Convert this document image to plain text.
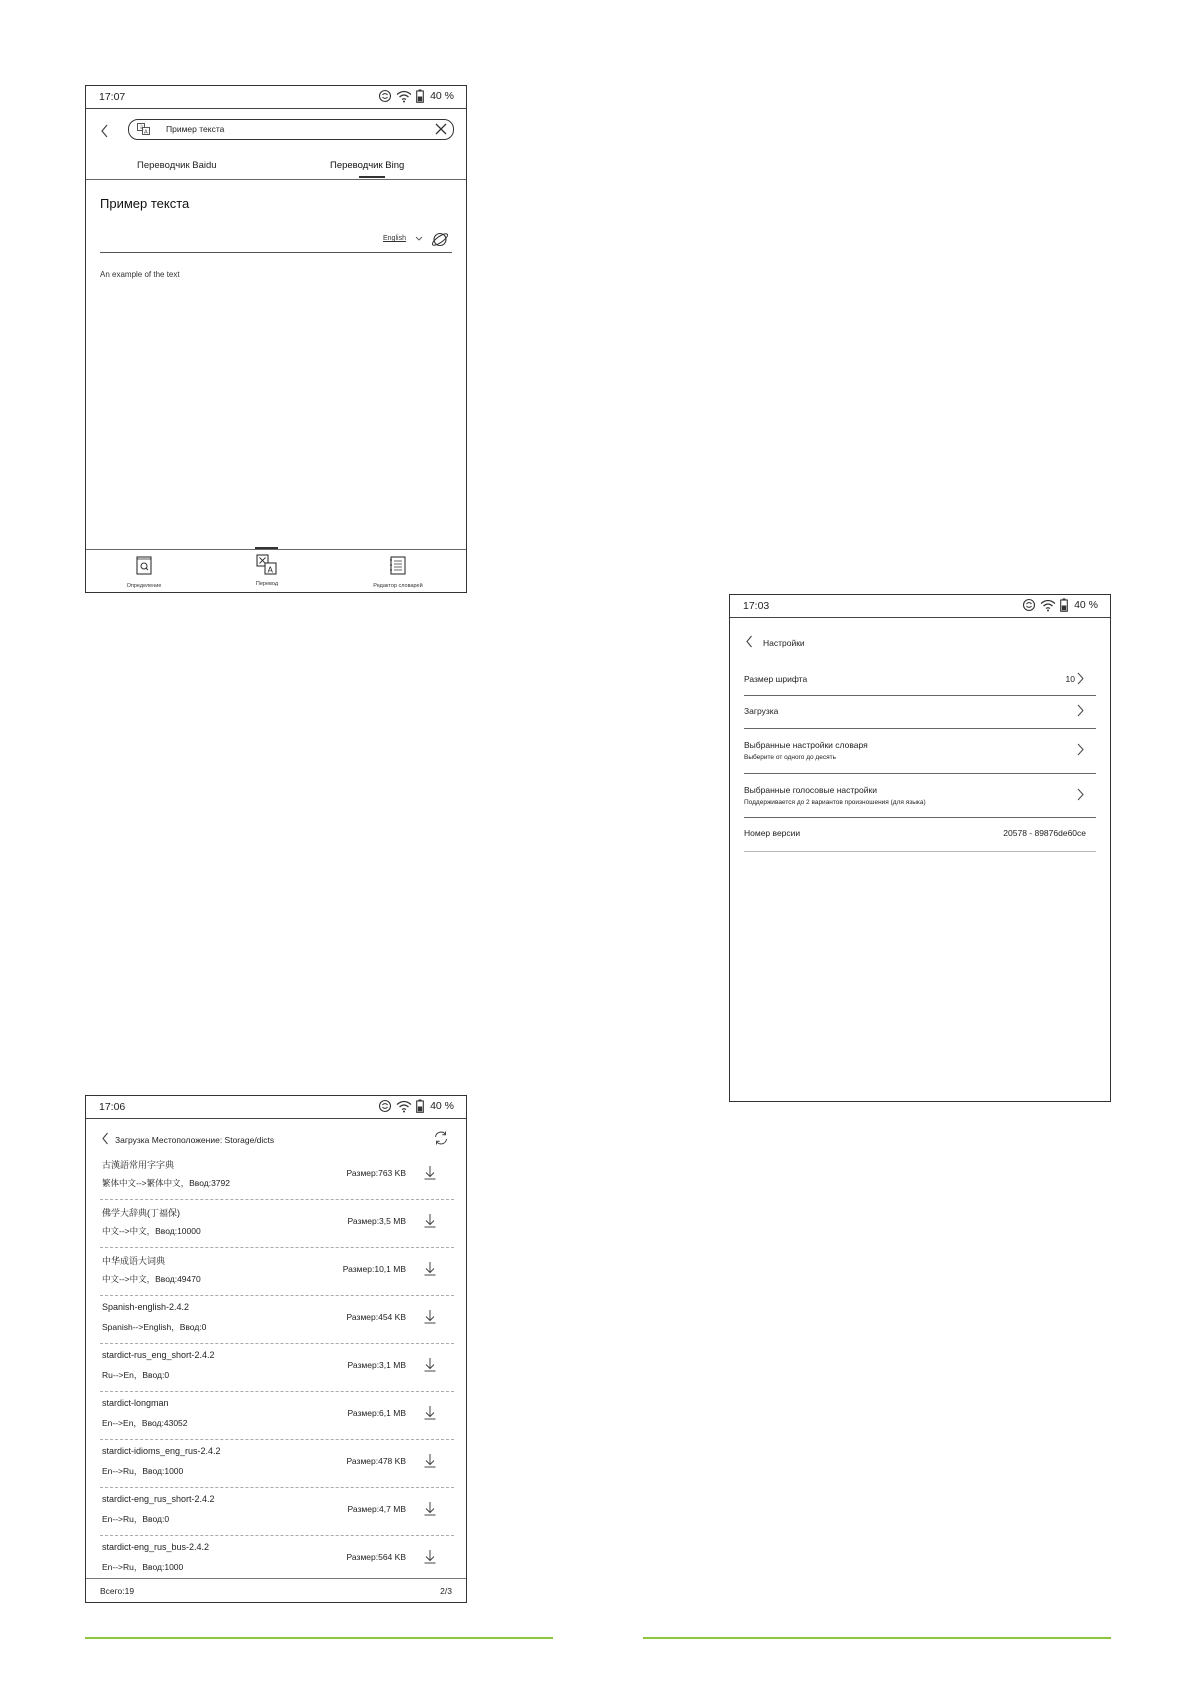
17:07	40 %
文
A Пример текста
Переводчик Baidu	Переводчик Bing
Пример текста
English
An example of the text
Определение
A
Перевод	Редактор словарей
17:03	40 %
Настройки
Размер шрифта	10
Загрузка
Выбранные настройки словаря
Выберите от одного до десять
Выбранные голосовые настройки
Поддерживается до 2 вариантов произношения (для языка)
Номер версии	20578 - 89876de60ce
17:06	40 %
Загрузка Местоположение: Storage/dicts
古漢語常用字字典
繁体中文-->繁体中文，Ввод:3792
Размер:763 KB
佛学大辞典(丁福保)
中文-->中文，Ввод:10000
Размер:3,5 MB
中华成语大词典
中文-->中文，Ввод:49470
Размер:10,1 MB
Spanish-english-2.4.2
Spanish-->English，Ввод:0
Размер:454 KB
stardict-rus_eng_short-2.4.2
Ru-->En，Ввод:0
Размер:3,1 MB
stardict-longman
En-->En，Ввод:43052
Размер:6,1 MB
stardict-idioms_eng_rus-2.4.2
En-->Ru，Ввод:1000
Размер:478 KB
stardict-eng_rus_short-2.4.2
En-->Ru，Ввод:0
Размер:4,7 MB
stardict-eng_rus_bus-2.4.2
En-->Ru，Ввод:1000
Размер:564 KB
Всего:19	2/3
